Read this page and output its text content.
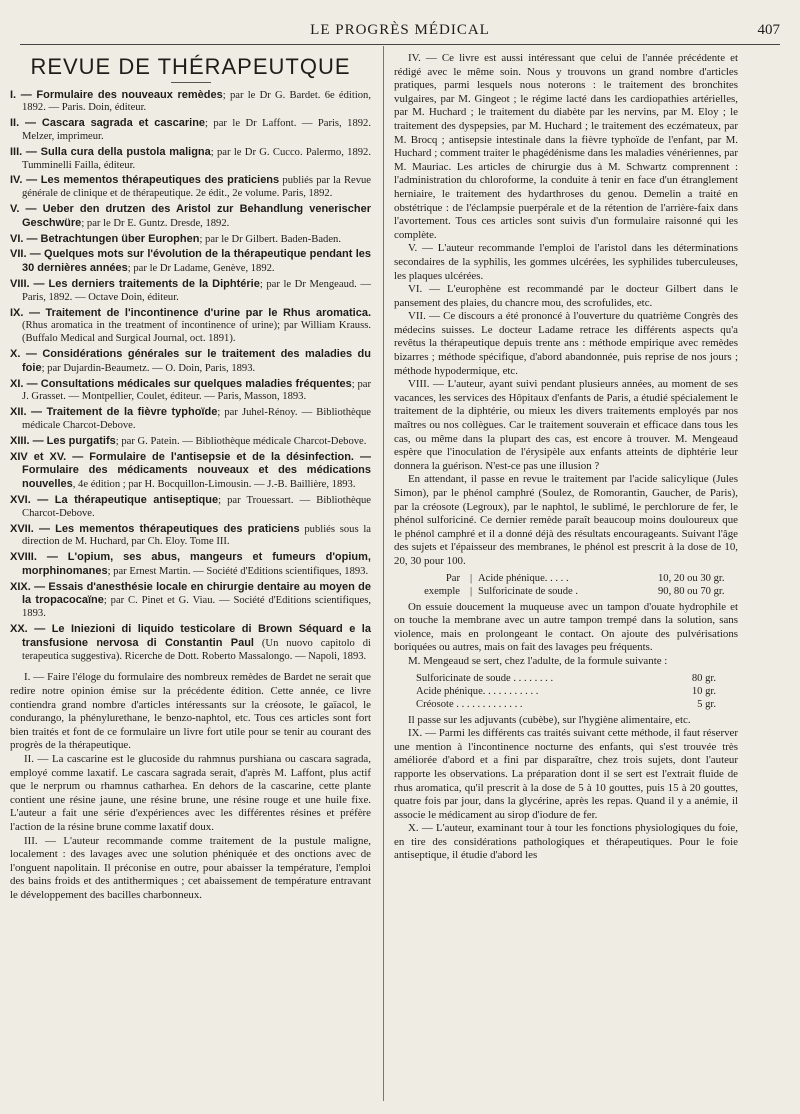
LE PROGRÈS MÉDICAL	407
REVUE DE THÉRAPEUTQUE
I. — Formulaire des nouveaux remèdes; par le Dr G. Bardet. 6e édition, 1892. — Paris. Doin, éditeur.
II. — Cascara sagrada et cascarine; par le Dr Laffont. — Paris, 1892. Melzer, imprimeur.
III. — Sulla cura della pustola maligna; par le Dr G. Cucco. Palermo, 1892. Tumminelli Failla, éditeur.
IV. — Les mementos thérapeutiques des praticiens publiés par la Revue générale de clinique et de thérapeutique. 2e édit., 2e volume. Paris, 1892.
V. — Ueber den drutzen des Aristol zur Behandlung venerischer Geschwüre; par le Dr E. Guntz. Dresde, 1892.
VI. — Betrachtungen über Europhen; par le Dr Gilbert. Baden-Baden.
VII. — Quelques mots sur l'évolution de la thérapeutique pendant les 30 dernières années; par le Dr Ladame, Genève, 1892.
VIII. — Les derniers traitements de la Diphtérie; par le Dr Mengeaud. — Paris, 1892. — Octave Doin, éditeur.
IX. — Traitement de l'incontinence d'urine par le Rhus aromatica. (Rhus aromatica in the treatment of incontinence of urine); par William Krauss. (Buffalo Medical and Surgical Journal, oct. 1891).
X. — Considérations générales sur le traitement des maladies du foie; par Dujardin-Beaumetz. — O. Doin, Paris, 1893.
XI. — Consultations médicales sur quelques maladies fréquentes; par J. Grasset. — Montpellier, Coulet, éditeur. — Paris, Masson, 1893.
XII. — Traitement de la fièvre typhoïde; par Juhel-Rénoy. — Bibliothèque médicale Charcot-Debove.
XIII. — Les purgatifs; par G. Patein. — Bibliothèque médicale Charcot-Debove.
XIV et XV. — Formulaire de l'antisepsie et de la désinfection. — Formulaire des médicaments nouveaux et des médications nouvelles, 4e édition ; par H. Bocquillon-Limousin. — J.-B. Baillière, 1893.
XVI. — La thérapeutique antiseptique; par Trouessart. — Bibliothèque Charcot-Debove.
XVII. — Les mementos thérapeutiques des praticiens publiés sous la direction de M. Huchard, par Ch. Eloy. Tome III.
XVIII. — L'opium, ses abus, mangeurs et fumeurs d'opium, morphinomanes; par Ernest Martin. — Société d'Editions scientifiques, 1893.
XIX. — Essais d'anesthésie locale en chirurgie dentaire au moyen de la tropacocaïne; par C. Pinet et G. Viau. — Société d'Editions scientifiques, 1893.
XX. — Le Iniezioni di liquido testicolare di Brown Séquard e la transfusione nervosa di Constantin Paul (Un nuovo capitolo di terapeutica suggestiva). Ricerche de Dott. Roberto Massalongo. — Napoli, 1893.

I. — Faire l'éloge du formulaire des nombreux remèdes de Bardet ne serait que redire notre opinion émise sur la précédente édition. Cette année, ce livre contiendra grand nombre d'articles intéressants sur la créosote, le gaïacol, le condurango, la phénylurethane, le benzo-naphtol, etc. Tous ces articles sont fort bien traités et font de ce formulaire un livre fort utile pour se tenir au courant des progrès de la thérapeutique.

II. — La cascarine est le glucoside du rahmnus purshiana ou cascara sagrada, employé comme laxatif. Le cascara sagrada serait, d'après M. Laffont, plus actif que le nerprum ou rhamnus catharhea. En dehors de la cascarine, cette plante contient une résine jaune, une résine brune, une résine rouge et une huile fixe. L'auteur a fait une série d'expériences avec les différentes résines et préfère l'action de la résine brune comme laxatif doux.

III. — L'auteur recommande comme traitement de la pustule maligne, localement : des lavages avec une solution phéniquée et des onctions avec de l'onguent napolitain. Il préconise en outre, pour abaisser la température, l'emploi des bains froids et des antithermiques ; cet abaissement de température entravant le développement des bacilles charbonneux.

IV. — Ce livre est aussi intéressant que celui de l'année précédente et rédigé avec le même soin. Nous y trouvons un grand nombre d'articles pratiques, parmi lesquels nous noterons : le traitement des bronchites vulgaires, par M. Gingeot ; le régime lacté dans les cardiopathies artérielles, par M. Huchard ; le traitement du diabète par les nervins, par M. Eloy ; le traitement des dyspepsies, par M. Huchard ; le traitement des eczémateux, par M. Brocq ; antisepsie intestinale dans la fièvre typhoïde de l'enfant, par M. Huchard ; comment traiter le phagédénisme dans les maladies vénériennes, par M. Mauriac. Les articles de chirurgie dus à M. Schwartz comprennent : l'administration du chloroforme, la conduite à tenir en face d'un étranglement herniaire, le traitement des hydarthroses du genou. Demelin a traité en obstétrique : de l'éclampsie puerpérale et de la rétention de l'arrière-faix dans l'avortement. Tous ces articles sont suivis d'un formulaire raisonné qui les complète.

V. — L'auteur recommande l'emploi de l'aristol dans les déterminations secondaires de la syphilis, les gommes ulcérées, les syphilides tuberculeuses, les plaques ulcérées.

VI. — L'europhène est recommandé par le docteur Gilbert dans le pansement des plaies, du chancre mou, des scrofulides, etc.

VII. — Ce discours a été prononcé à l'ouverture du quatrième Congrès des médecins suisses. Le docteur Ladame retrace les différents aspects qu'a revêtus la thérapeutique depuis trente ans : méthode empirique avec remèdes bizarres ; méthode spécifique, d'abord abandonnée, puis reprise de nos jours ; méthode hypodermique, etc.

VIII. — L'auteur, ayant suivi pendant plusieurs années, au moment de ses vacances, les services des Hôpitaux d'enfants de Paris, a étudié spécialement le traitement de la diphtérie, ou mieux les divers traitements employés par nos maîtres ou nos collègues. Car le traitement souverain et efficace dans tous les cas, ou même dans la plupart des cas, est encore à trouver. M. Mengeaud espère que l'inoculation de l'érysipèle aux enfants atteints de diphtérie leur donnera la guérison. N'est-ce pas une illusion ?

En attendant, il passe en revue le traitement par l'acide salicylique (Jules Simon), par le phénol camphré (Soulez, de Romorantin, Gaucher, de Paris), par la créosote (Legroux), par le naphtol, le sublimé, le perchlorure de fer, le phénol sulforiciné. Ce dernier remède paraît beaucoup moins douloureux que le phénol camphré et il a donné déjà des résultats encourageants. Suivant l'âge des sujets et l'épaisseur des membranes, le phénol est prescrit à la dose de 10, 20, 30 pour 100.

Par | Acide phénique. . . . .	10, 20 ou 30 gr.
exemple | Sulforicinate de soude .	90, 80 ou 70 gr.

On essuie doucement la muqueuse avec un tampon d'ouate hydrophile et on touche la membrane avec un autre tampon trempé dans la solution, sans violence, mais en prolongeant le contact. On ajoute des pulvérisations boriquées ou autres, mais on fait des lavages peu fréquents.

M. Mengeaud se sert, chez l'adulte, de la formule suivante :

Sulforicinate de soude . . . . . . . .	80 gr.
Acide phénique. . . . . . . . . . .	10 gr.
Créosote . . . . . . . . . . . . .	5 gr.

Il passe sur les adjuvants (cubèbe), sur l'hygiène alimentaire, etc.

IX. — Parmi les différents cas traités suivant cette méthode, il faut réserver une mention à l'incontinence nocturne des enfants, qui s'est trouvée très améliorée d'abord et a fini par disparaître, chez trois sujets, dont l'auteur rapporte les observations. La préparation dont il se sert est l'extrait fluide de rhus aromatica, qu'il prescrit à la dose de 5 à 10 gouttes, puis 15 à 20 gouttes, quatre fois par jour, dans la glycérine, après les repas. Quand il y a anémie, il associe le médicament au sirop d'iodure de fer.

X. — L'auteur, examinant tour à tour les fonctions physiologiques du foie, en tire des considérations pathologiques et thérapeutiques. Pour le foie antiseptique, il étudie d'abord les
